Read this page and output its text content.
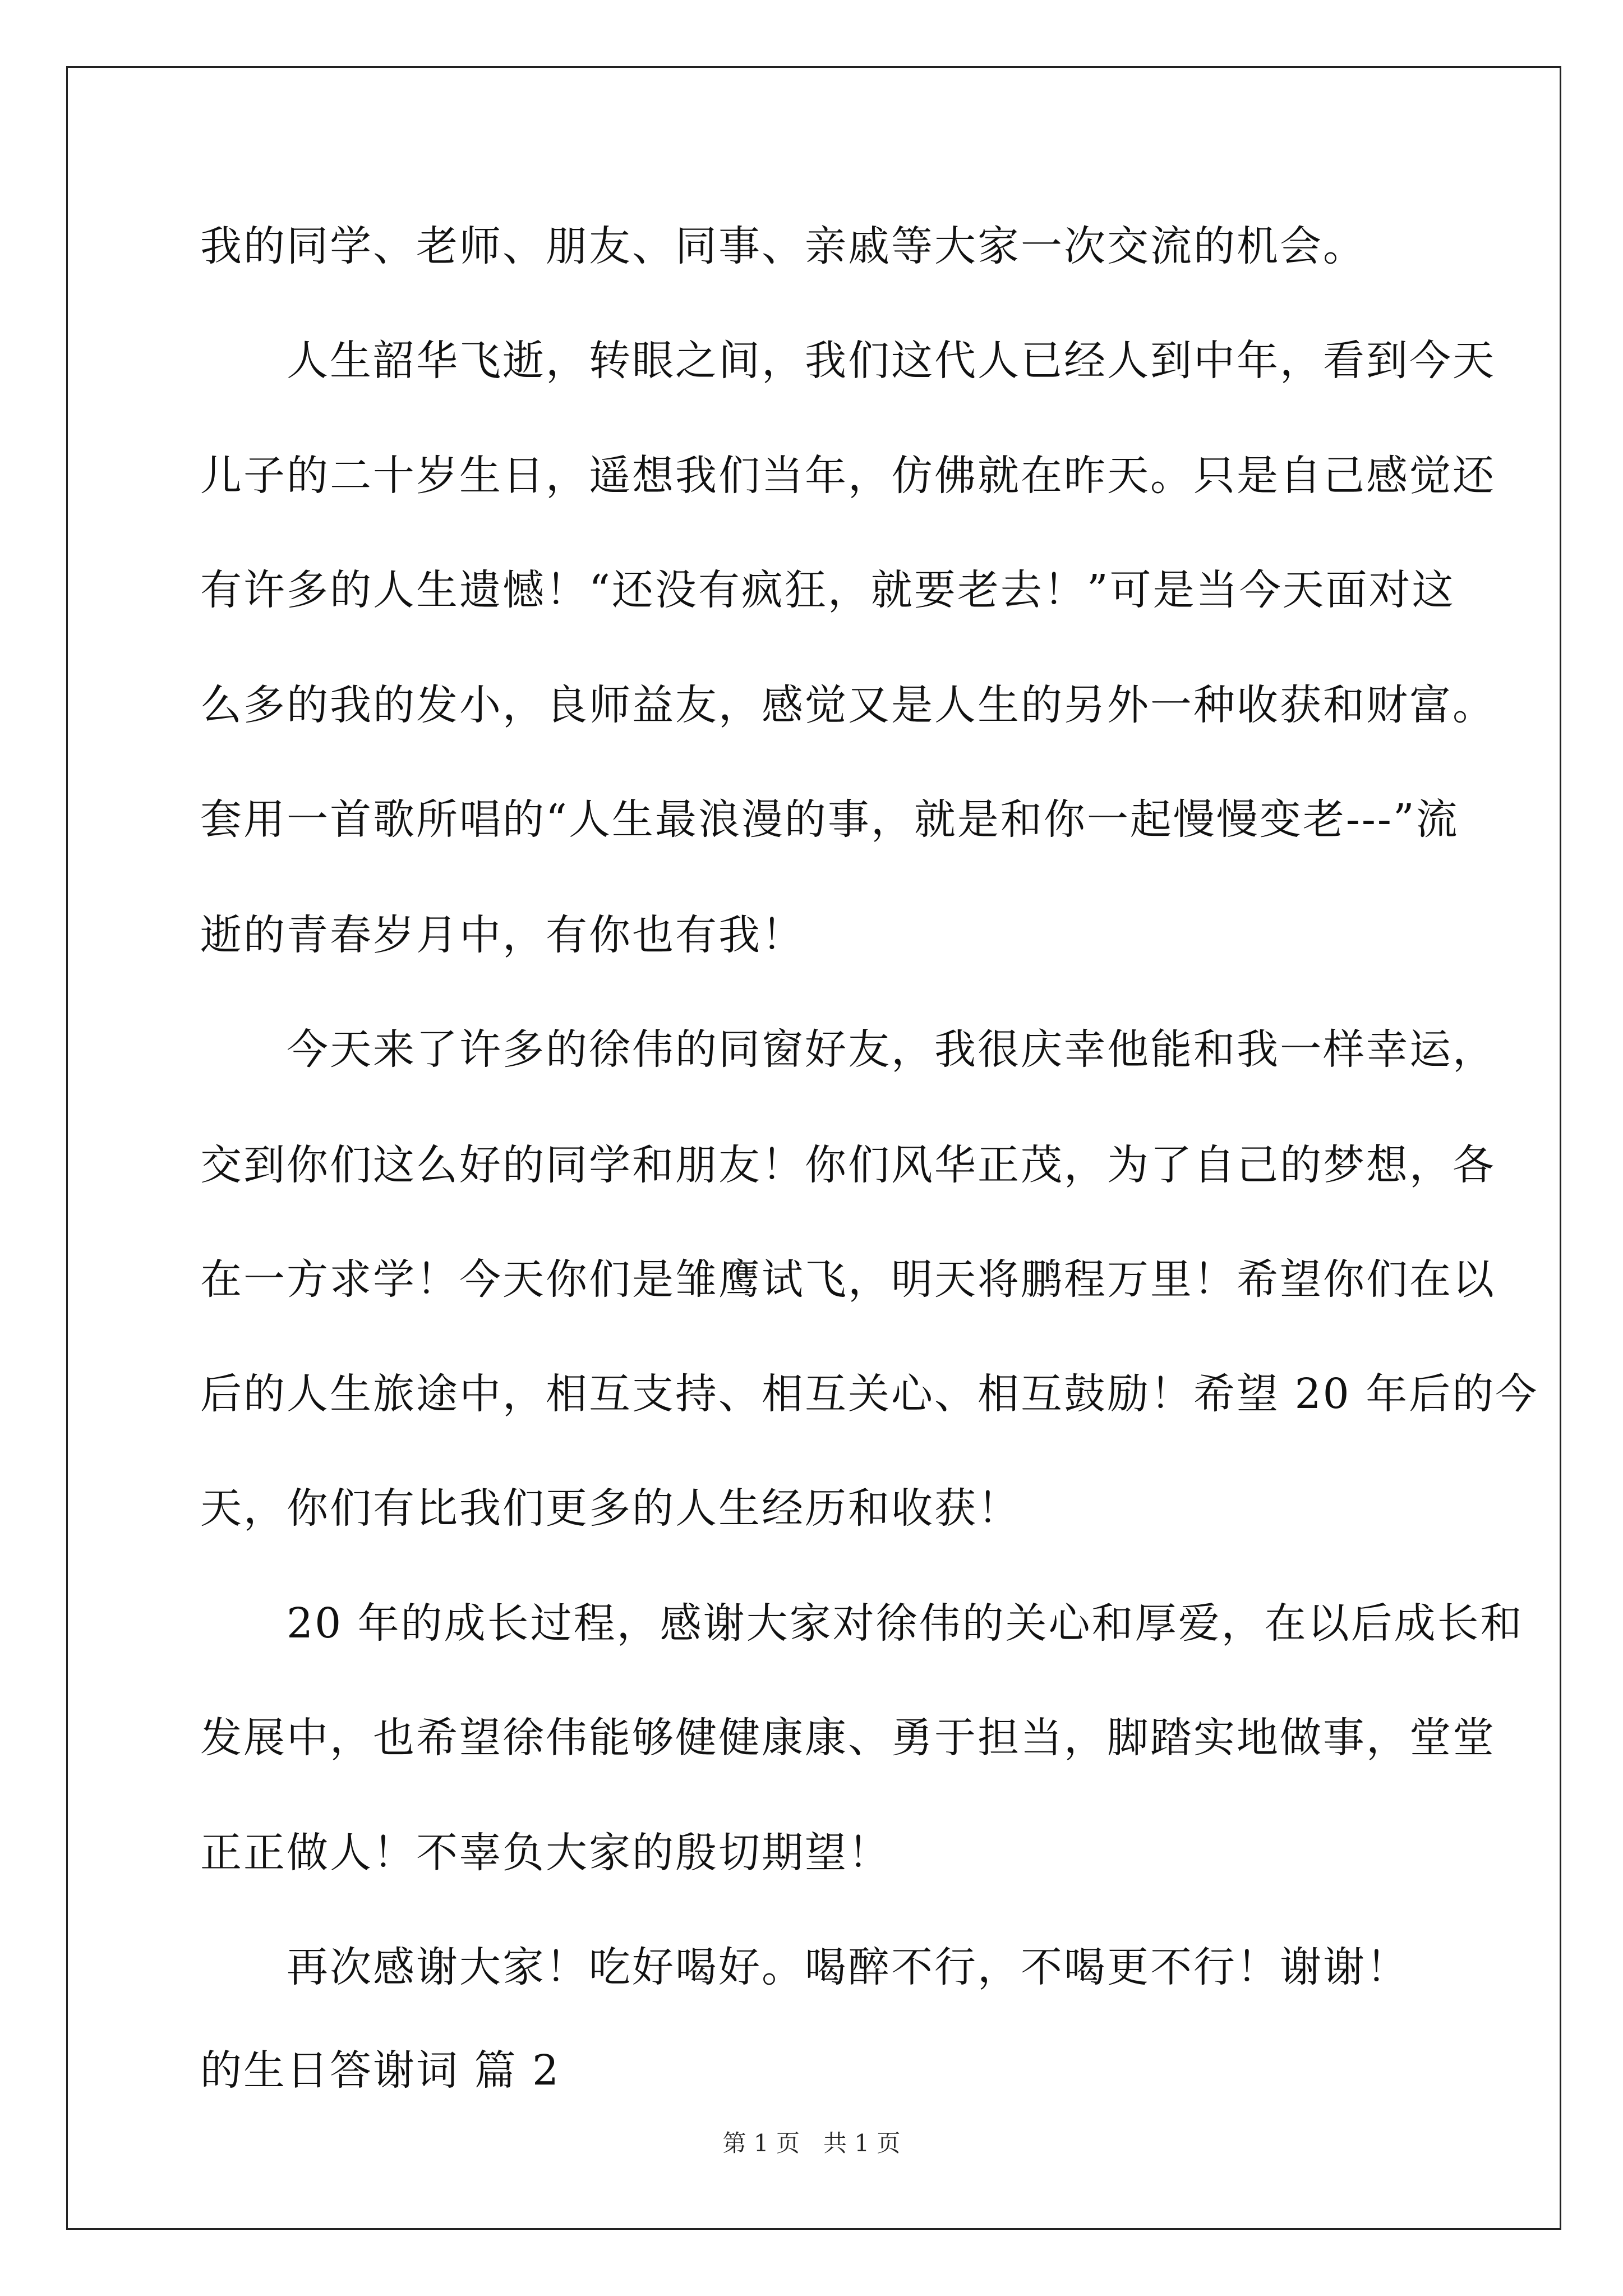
我的同学、老师、朋友、同事、亲戚等大家一次交流的机会。
　　人生韶华飞逝，转眼之间，我们这代人已经人到中年，看到今天
儿子的二十岁生日，遥想我们当年，仿佛就在昨天。只是自己感觉还
有许多的人生遗憾！“还没有疯狂，就要老去！”可是当今天面对这
么多的我的发小，良师益友，感觉又是人生的另外一种收获和财富。
套用一首歌所唱的“人生最浪漫的事，就是和你一起慢慢变老---”流
逝的青春岁月中，有你也有我！
　　今天来了许多的徐伟的同窗好友，我很庆幸他能和我一样幸运，
交到你们这么好的同学和朋友！你们风华正茂，为了自己的梦想，各
在一方求学！今天你们是雏鹰试飞，明天将鹏程万里！希望你们在以
后的人生旅途中，相互支持、相互关心、相互鼓励！希望 20 年后的今
天，你们有比我们更多的人生经历和收获！
　　20 年的成长过程，感谢大家对徐伟的关心和厚爱，在以后成长和
发展中，也希望徐伟能够健健康康、勇于担当，脚踏实地做事，堂堂
正正做人！不辜负大家的殷切期望！
　　再次感谢大家！吃好喝好。喝醉不行，不喝更不行！谢谢！
的生日答谢词 篇 2
第 1 页　共 1 页
